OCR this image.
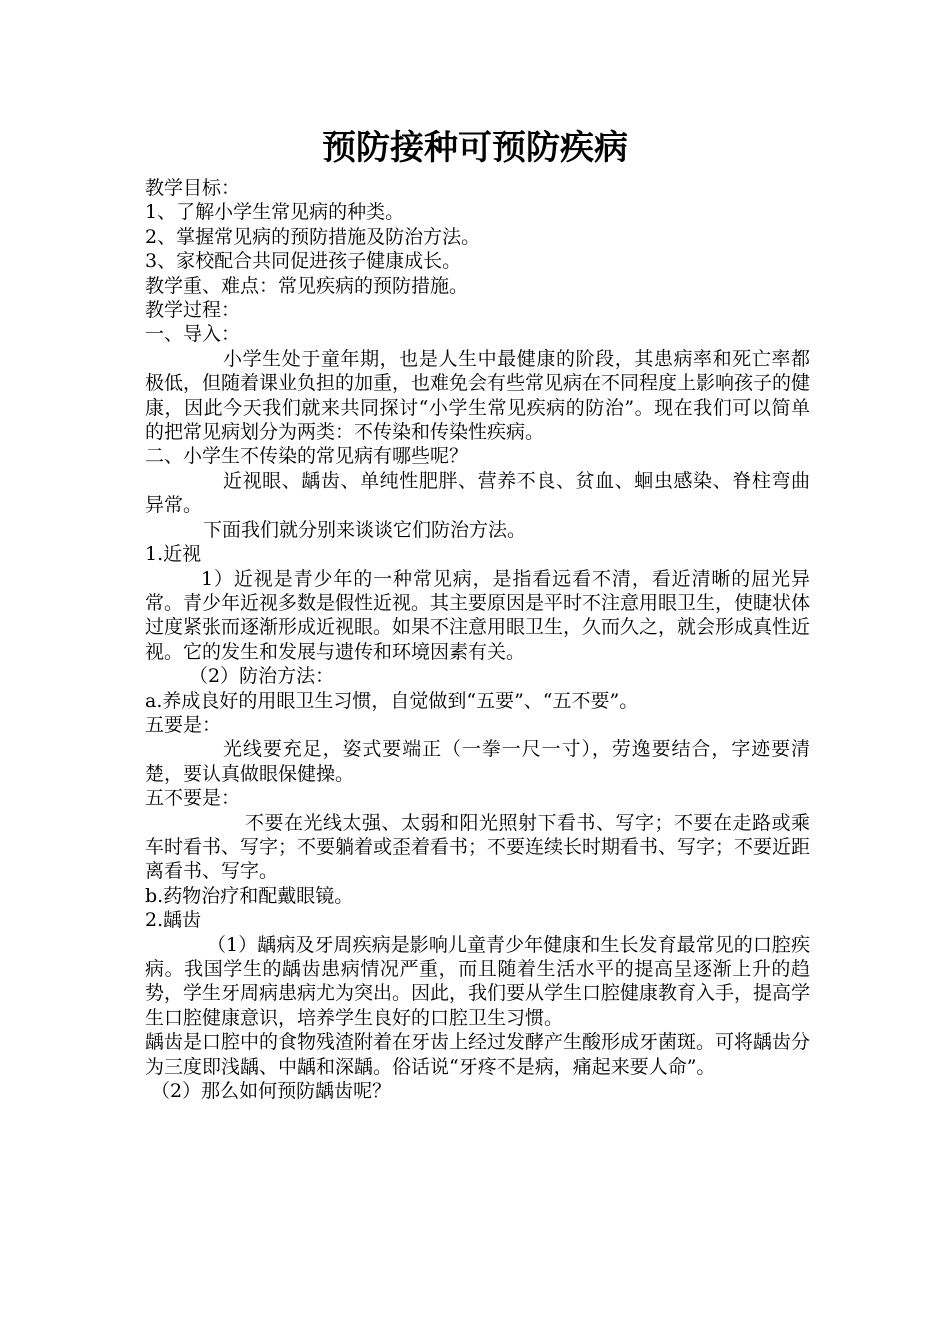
预防接种可预防疾病

教学目标：

1、了解小学生常见病的种类。

2、掌握常见病的预防措施及防治方法。

3、家校配合共同促进孩子健康成长。

教学重、难点：常见疾病的预防措施。

教学过程：

一、导入：

小学生处于童年期，也是人生中最健康的阶段，其患病率和死亡率都极低，但随着课业负担的加重，也难免会有些常见病在不同程度上影响孩子的健康，因此今天我们就来共同探讨“小学生常见疾病的防治”。现在我们可以简单的把常见病划分为两类：不传染和传染性疾病。

二、小学生不传染的常见病有哪些呢？

近视眼、龋齿、单纯性肥胖、营养不良、贫血、蛔虫感染、脊柱弯曲异常。

下面我们就分别来谈谈它们防治方法。

1.近视

1）近视是青少年的一种常见病，是指看远看不清，看近清晰的屈光异常。青少年近视多数是假性近视。其主要原因是平时不注意用眼卫生，使睫状体过度紧张而逐渐形成近视眼。如果不注意用眼卫生，久而久之，就会形成真性近视。它的发生和发展与遗传和环境因素有关。

（2）防治方法：

a.养成良好的用眼卫生习惯，自觉做到“五要”、“五不要”。

五要是：

光线要充足，姿式要端正（一拳一尺一寸），劳逸要结合，字迹要清楚，要认真做眼保健操。

五不要是：

不要在光线太强、太弱和阳光照射下看书、写字；不要在走路或乘车时看书、写字；不要躺着或歪着看书；不要连续长时期看书、写字；不要近距离看书、写字。

b.药物治疗和配戴眼镜。

2.龋齿

（1）龋病及牙周疾病是影响儿童青少年健康和生长发育最常见的口腔疾病。我国学生的龋齿患病情况严重，而且随着生活水平的提高呈逐渐上升的趋势，学生牙周病患病尤为突出。因此，我们要从学生口腔健康教育入手，提高学生口腔健康意识，培养学生良好的口腔卫生习惯。

龋齿是口腔中的食物残渣附着在牙齿上经过发酵产生酸形成牙菌斑。可将龋齿分为三度即浅龋、中龋和深龋。俗话说“牙疼不是病，痛起来要人命”。

（2）那么如何预防龋齿呢？
